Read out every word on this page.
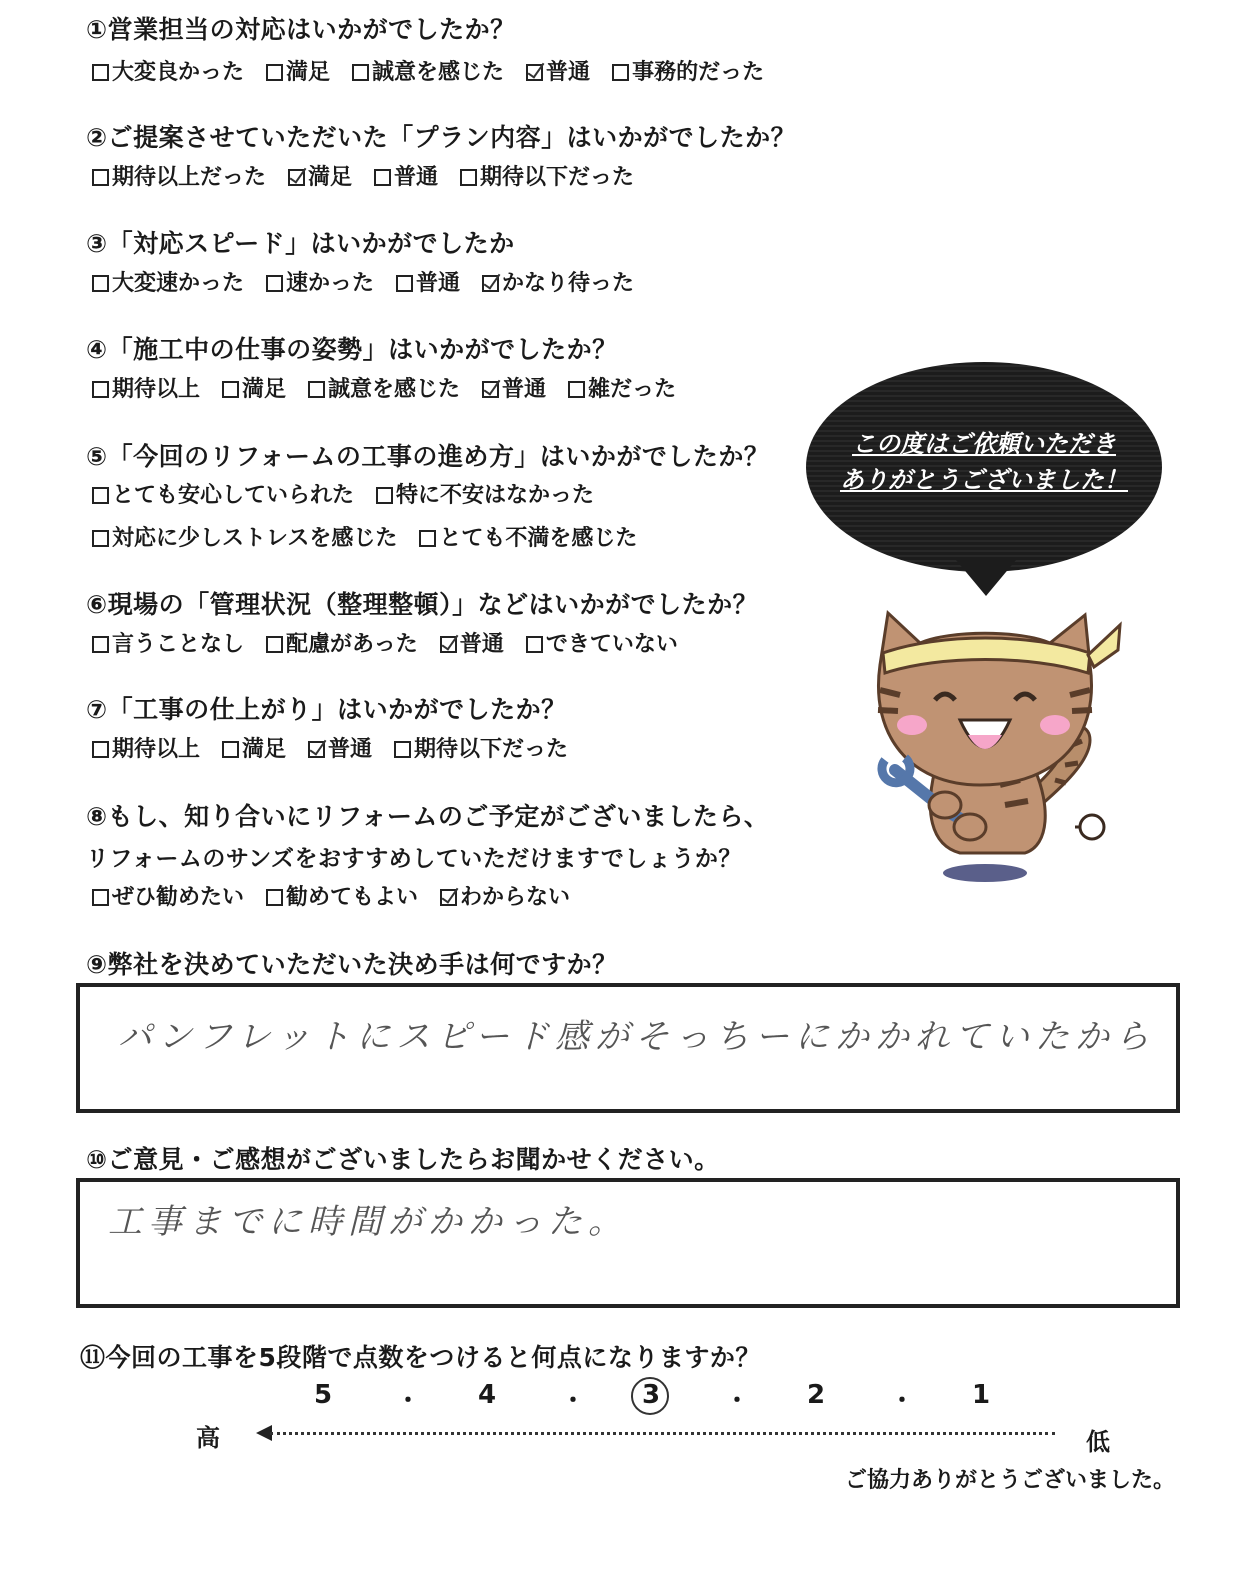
①営業担当の対応はいかがでしたか？
大変良かった 満足 誠意を感じた 普通 事務的だった
②ご提案させていただいた「プラン内容」はいかがでしたか？
期待以上だった 満足 普通 期待以下だった
③「対応スピード」はいかがでしたか
大変速かった 速かった 普通 かなり待った
④「施工中の仕事の姿勢」はいかがでしたか？
期待以上 満足 誠意を感じた 普通 雑だった
⑤「今回のリフォームの工事の進め方」はいかがでしたか？
とても安心していられた 特に不安はなかった
対応に少しストレスを感じた とても不満を感じた
⑥現場の「管理状況（整理整頓）」などはいかがでしたか？
言うことなし 配慮があった 普通 できていない
⑦「工事の仕上がり」はいかがでしたか？
期待以上 満足 普通 期待以下だった
⑧もし、知り合いにリフォームのご予定がございましたら、
リフォームのサンズをおすすめしていただけますでしょうか？
ぜひ勧めたい 勧めてもよい わからない
⑨弊社を決めていただいた決め手は何ですか？
パンフレットにスピード感がそっちーにかかれていたから
⑩ご意見・ご感想がございましたらお聞かせください。
工事までに時間がかかった。
⑪今回の工事を5段階で点数をつけると何点になりますか？
5	・ 4	・ 3	・ 2	・ 1
高	低
ご協力ありがとうございました。
この度はご依頼いただき
ありがとうございました！
